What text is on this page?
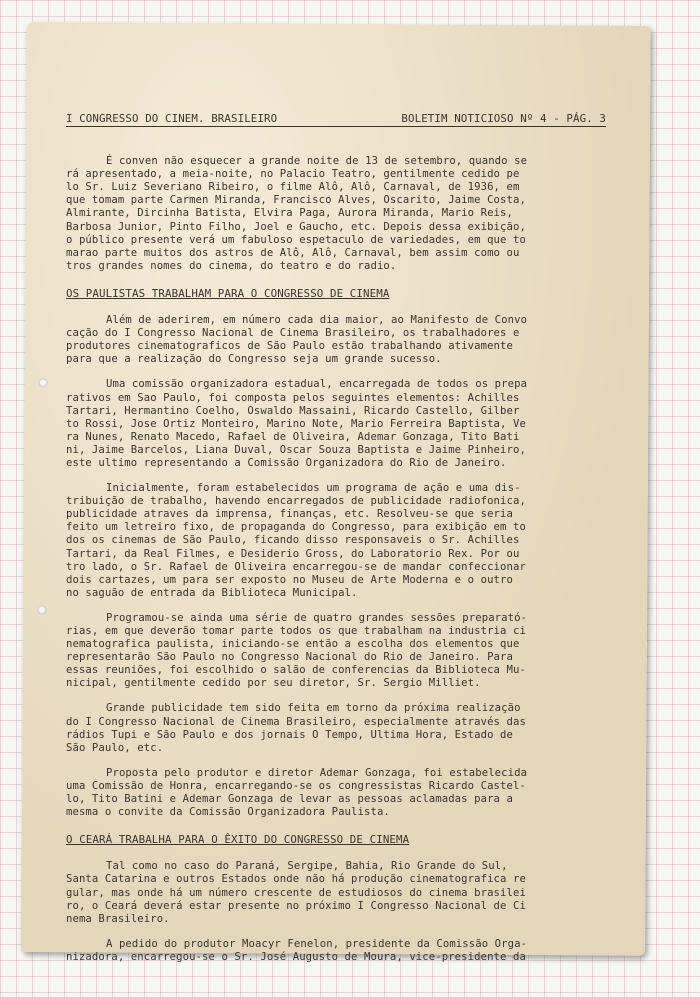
I CONGRESSO DO CINEM. BRASILEIRO	BOLETIM NOTICIOSO Nº 4 - PÁG. 3

É conven não esquecer a grande noite de 13 de setembro, quando se
rá apresentado, a meia-noite, no Palacio Teatro, gentilmente cedido pe
lo Sr. Luiz Severiano Ribeiro, o filme Alô, Alô, Carnaval, de 1936, em
que tomam parte Carmen Miranda, Francisco Alves, Oscarito, Jaime Costa,
Almirante, Dircinha Batista, Elvira Paga, Aurora Miranda, Mario Reis,
Barbosa Junior, Pinto Filho, Joel e Gaucho, etc. Depois dessa exibição,
o público presente verá um fabuloso espetaculo de variedades, em que to
marao parte muitos dos astros de Alô, Alô, Carnaval, bem assim como ou
tros grandes nomes do cinema, do teatro e do radio.

OS PAULISTAS TRABALHAM PARA O CONGRESSO DE CINEMA

Além de aderirem, em número cada dia maior, ao Manifesto de Convo
cação do I Congresso Nacional de Cinema Brasileiro, os trabalhadores e
produtores cinematograficos de São Paulo estão trabalhando ativamente
para que a realização do Congresso seja um grande sucesso.

Uma comissão organizadora estadual, encarregada de todos os prepa
rativos em Sao Paulo, foi composta pelos seguintes elementos: Achilles
Tartari, Hermantino Coelho, Oswaldo Massaini, Ricardo Castello, Gilber
to Rossi, Jose Ortiz Monteiro, Marino Note, Mario Ferreira Baptista, Ve
ra Nunes, Renato Macedo, Rafael de Oliveira, Ademar Gonzaga, Tito Bati
ni, Jaime Barcelos, Liana Duval, Oscar Souza Baptista e Jaime Pinheiro,
este ultimo representando a Comissão Organizadora do Rio de Janeiro.

Inicialmente, foram estabelecidos um programa de ação e uma dis-
tribuição de trabalho, havendo encarregados de publicidade radiofonica,
publicidade atraves da imprensa, finanças, etc. Resolveu-se que seria
feito um letreiro fixo, de propaganda do Congresso, para exibição em to
dos os cinemas de São Paulo, ficando disso responsaveis o Sr. Achilles
Tartari, da Real Filmes, e Desiderio Gross, do Laboratorio Rex. Por ou
tro lado, o Sr. Rafael de Oliveira encarregou-se de mandar confeccionar
dois cartazes, um para ser exposto no Museu de Arte Moderna e o outro
no saguão de entrada da Biblioteca Municipal.

Programou-se ainda uma série de quatro grandes sessões preparató-
rias, em que deverão tomar parte todos os que trabalham na industria ci
nematografica paulista, iniciando-se então a escolha dos elementos que
representarão São Paulo no Congresso Nacional do Rio de Janeiro. Para
essas reuniões, foi escolhido o salão de conferencias da Biblioteca Mu-
nicipal, gentilmente cedido por seu diretor, Sr. Sergio Milliet.

Grande publicidade tem sido feita em torno da próxima realização
do I Congresso Nacional de Cinema Brasileiro, especialmente através das
rádios Tupi e São Paulo e dos jornais O Tempo, Ultima Hora, Estado de
São Paulo, etc.

Proposta pelo produtor e diretor Ademar Gonzaga, foi estabelecida
uma Comissão de Honra, encarregando-se os congressistas Ricardo Castel-
lo, Tito Batini e Ademar Gonzaga de levar as pessoas aclamadas para a
mesma o convite da Comissão Organizadora Paulista.

O CEARÁ TRABALHA PARA O ÊXITO DO CONGRESSO DE CINEMA

Tal como no caso do Paraná, Sergipe, Bahia, Rio Grande do Sul,
Santa Catarina e outros Estados onde não há produção cinematografica re
gular, mas onde há um número crescente de estudiosos do cinema brasilei
ro, o Ceará deverá estar presente no próximo I Congresso Nacional de Ci
nema Brasileiro.

A pedido do produtor Moacyr Fenelon, presidente da Comissão Orga-
nizadora, encarregou-se o Sr. José Augusto de Moura, vice-presidente da
